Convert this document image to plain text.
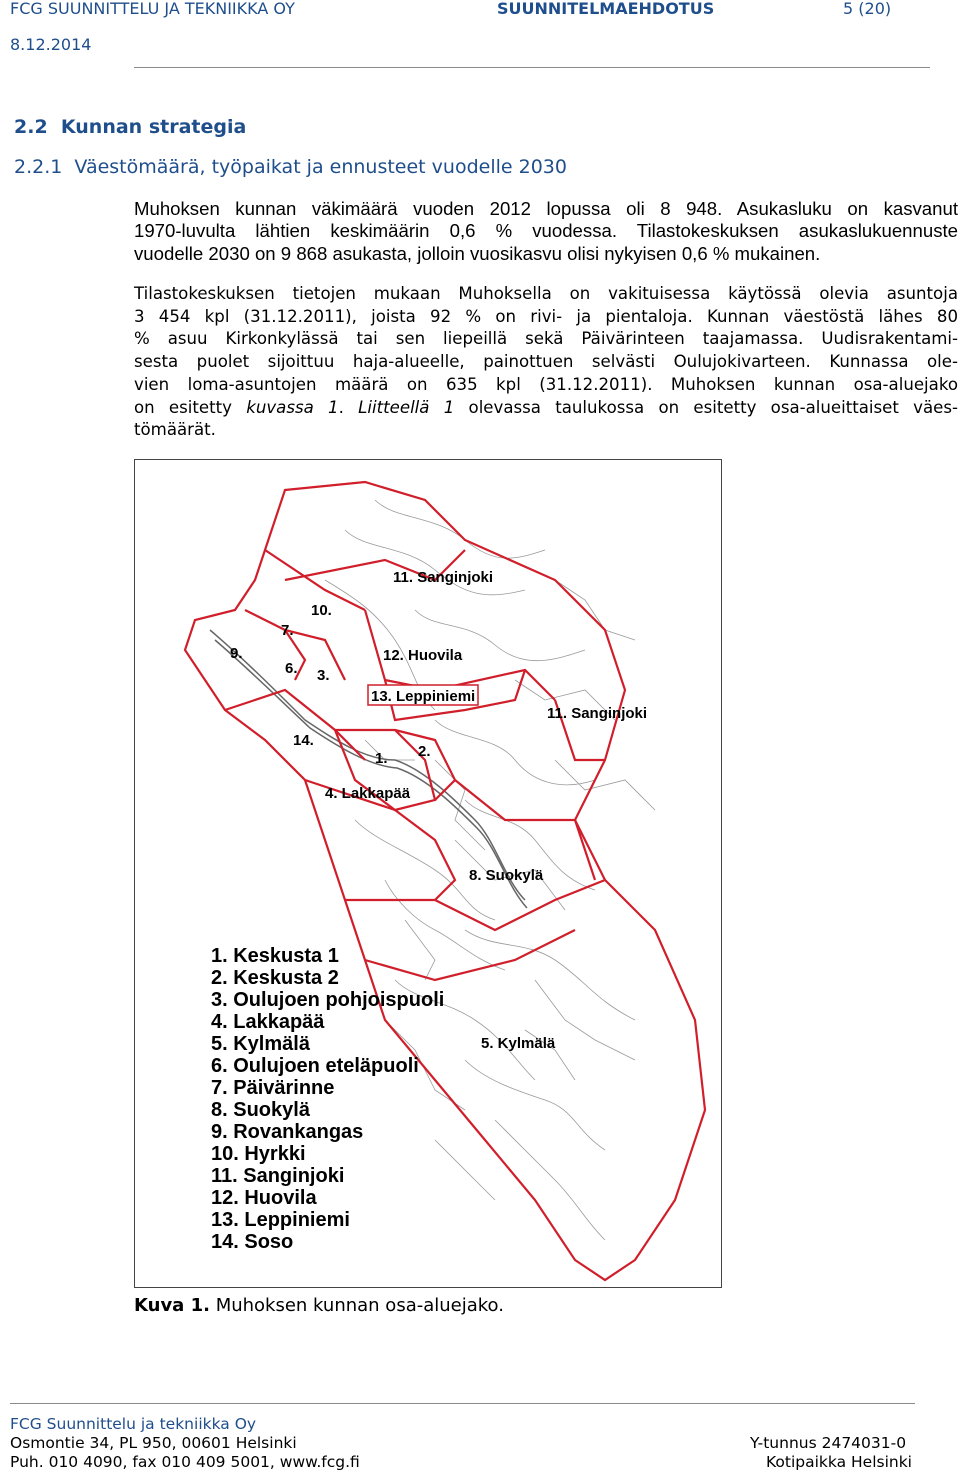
FCG SUUNNITTELU JA TEKNIIKKA OY	SUUNNITELMAEHDOTUS	5 (20)
8.12.2014
2.2  Kunnan strategia
2.2.1  Väestömäärä, työpaikat ja ennusteet vuodelle 2030
Muhoksen kunnan väkimäärä vuoden 2012 lopussa oli 8 948. Asukasluku on kasvanut
1970-luvulta lähtien keskimäärin 0,6 % vuodessa. Tilastokeskuksen asukaslukuennuste
vuodelle 2030 on 9 868 asukasta, jolloin vuosikasvu olisi nykyisen 0,6 % mukainen.
Tilastokeskuksen tietojen mukaan Muhoksella on vakituisessa käytössä olevia asuntoja
3 454 kpl (31.12.2011), joista 92 % on rivi- ja pientaloja. Kunnan väestöstä lähes 80
% asuu Kirkonkylässä tai sen liepeillä sekä Päivärinteen taajamassa. Uudisrakentami-
sesta puolet sijoittuu haja-alueelle, painottuen selvästi Oulujokivarteen. Kunnassa ole-
vien loma-asuntojen määrä on 635 kpl (31.12.2011). Muhoksen kunnan osa-aluejako
on esitetty kuvassa 1. Liitteellä 1 olevassa taulukossa on esitetty osa-alueittaiset väes-
tömäärät.
11. Sanginjoki
10.
7.
9.
6. 3.
12. Huovila
13. Leppiniemi
11. Sanginjoki
14.
1. 2.
4. Lakkapää
8. Suokylä
5. Kylmälä
1. Keskusta 1
2. Keskusta 2
3. Oulujoen pohjoispuoli
4. Lakkapää
5. Kylmälä
6. Oulujoen eteläpuoli
7. Päivärinne
8. Suokylä
9. Rovankangas
10. Hyrkki
11. Sanginjoki
12. Huovila
13. Leppiniemi
14. Soso
Kuva 1. Muhoksen kunnan osa-aluejako.
FCG Suunnittelu ja tekniikka Oy
Osmontie 34, PL 950, 00601 Helsinki
Puh. 010 4090, fax 010 409 5001, www.fcg.fi
Y-tunnus 2474031-0
Kotipaikka Helsinki
